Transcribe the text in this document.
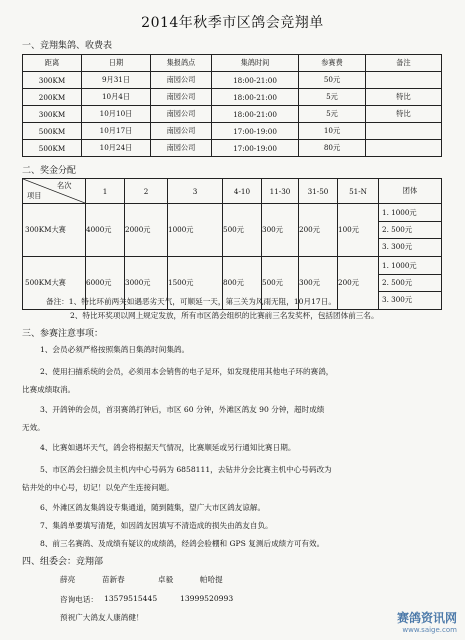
2014年秋季市区鸽会竞翔单
一、竞翔集鸽、收费表
距离	日期	集报鸽点	集鸽时间	参赛费	备注
300KM	9月31日	南园公司	18:00-21:00	50元	
200KM	10月4日	南园公司	18:00-21:00	5元	特比
300KM	10月10日	南园公司	18:00-21:00	5元	特比
500KM	10月17日	南园公司	17:00-19:00	10元	
500KM	10月24日	南园公司	17:00-19:00	80元	
二、奖金分配
名次
项目	1	2	3	4-10	11-30	31-50	51-N	团体
300KM大赛	4000元	2000元	1000元	500元	300元	200元	100元	
1. 1000元
2. 500元
3. 300元

500KM大赛	6000元	3000元	1500元	800元	500元	300元	200元	
1. 1000元
2. 500元
3. 300元
备注：1、特比环前两关如遇恶劣天气，可顺延一天，第三关为风雨无阻，10月17日。
2、特比环奖项以网上规定发放，所有市区鸽会组织的比赛前三名发奖杯，包括团体前三名。
三、参赛注意事项：
1、会员必须严格按照集鸽日集鸽时间集鸽。
2、使用扫描系统的会员，必须用本会销售的电子足环，如发现使用其他电子环的赛鸽，
比赛成绩取消。
3、开鸽钟的会员，首羽赛鸽打钟后，市区 60 分钟，外滩区鸽友 90 分钟，超时成绩
无效。
4、比赛如遇坏天气，鸽会将根据天气情况，比赛顺延或另行通知比赛日期。
5、市区鸽会扫描会员主机内中心号码为 6858111，去钻井分会比赛主机中心号码改为
钻井处的中心号，切记！以免产生连接问题。
6、外滩区鸽友集鸽设专集通道，随到随集，望广大市区鸽友谅解。
7、集鸽单要填写清楚，如因鸽友因填写不清造成的损失由鸽友自负。
8、前三名赛鸽、及成绩有疑议的成绩鸽，经鸽会验棚和 GPS 复测后成绩方可有效。
四、组委会：竞翔部
薛亮	苗新春	卓毅	帕哈提
咨询电话： 13579515445	13999520993
预祝广大鸽友人康鸽健！	赛鸽资讯网
www.saige.com
